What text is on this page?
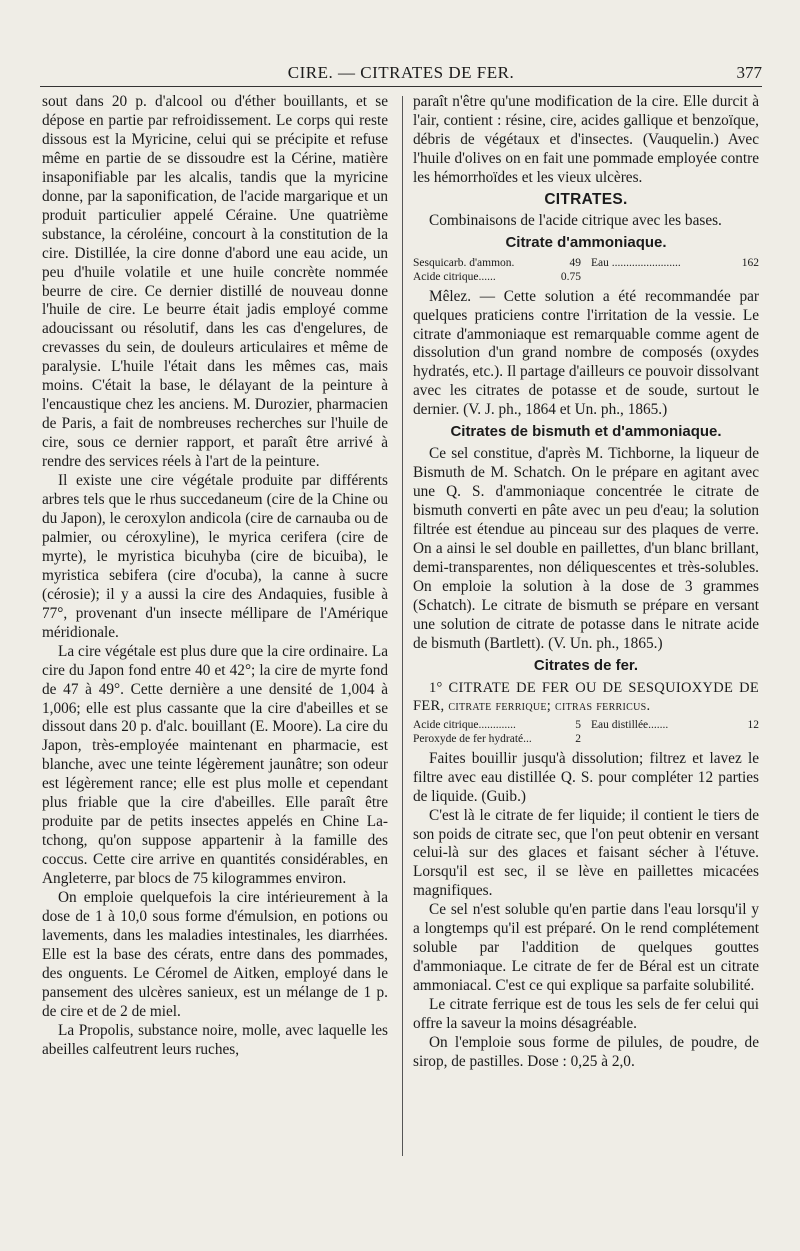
CIRE. — CITRATES DE FER.	377

sout dans 20 p. d'alcool ou d'éther bouillants, et se dépose en partie par refroidissement. Le corps qui reste dissous est la Myricine, celui qui se précipite et refuse même en partie de se dissoudre est la Cérine, matière insaponifiable par les alcalis, tandis que la myricine donne, par la saponification, de l'acide margarique et un produit particulier appelé Céraine. Une quatrième substance, la céroléine, concourt à la constitution de la cire. Distillée, la cire donne d'abord une eau acide, un peu d'huile volatile et une huile concrète nommée beurre de cire. Ce dernier distillé de nouveau donne l'huile de cire. Le beurre était jadis employé comme adoucissant ou résolutif, dans les cas d'engelures, de crevasses du sein, de douleurs articulaires et même de paralysie. L'huile l'était dans les mêmes cas, mais moins. C'était la base, le délayant de la peinture à l'encaustique chez les anciens. M. Durozier, pharmacien de Paris, a fait de nombreuses recherches sur l'huile de cire, sous ce dernier rapport, et paraît être arrivé à rendre des services réels à l'art de la peinture.

Il existe une cire végétale produite par différents arbres tels que le rhus succedaneum (cire de la Chine ou du Japon), le ceroxylon andicola (cire de carnauba ou de palmier, ou céroxyline), le myrica cerifera (cire de myrte), le myristica bicuhyba (cire de bicuiba), le myristica sebifera (cire d'ocuba), la canne à sucre (cérosie); il y a aussi la cire des Andaquies, fusible à 77°, provenant d'un insecte méllipare de l'Amérique méridionale.

La cire végétale est plus dure que la cire ordinaire. La cire du Japon fond entre 40 et 42°; la cire de myrte fond de 47 à 49°. Cette dernière a une densité de 1,004 à 1,006; elle est plus cassante que la cire d'abeilles et se dissout dans 20 p. d'alc. bouillant (E. Moore). La cire du Japon, très-employée maintenant en pharmacie, est blanche, avec une teinte légèrement jaunâtre; son odeur est légèrement rance; elle est plus molle et cependant plus friable que la cire d'abeilles. Elle paraît être produite par de petits insectes appelés en Chine La-tchong, qu'on suppose appartenir à la famille des coccus. Cette cire arrive en quantités considérables, en Angleterre, par blocs de 75 kilogrammes environ.

On emploie quelquefois la cire intérieurement à la dose de 1 à 10,0 sous forme d'émulsion, en potions ou lavements, dans les maladies intestinales, les diarrhées. Elle est la base des cérats, entre dans des pommades, des onguents. Le Céromel de Aitken, employé dans le pansement des ulcères sanieux, est un mélange de 1 p. de cire et de 2 de miel.

La Propolis, substance noire, molle, avec laquelle les abeilles calfeutrent leurs ruches,

paraît n'être qu'une modification de la cire. Elle durcit à l'air, contient : résine, cire, acides gallique et benzoïque, débris de végétaux et d'insectes. (Vauquelin.) Avec l'huile d'olives on en fait une pommade employée contre les hémorrhoïdes et les vieux ulcères.

CITRATES.

Combinaisons de l'acide citrique avec les bases.

Citrate d'ammoniaque.
Sesquicarb. d'ammon.	49 Eau ........................	162
Acide citrique......	0.75

Mêlez. — Cette solution a été recommandée par quelques praticiens contre l'irritation de la vessie. Le citrate d'ammoniaque est remarquable comme agent de dissolution d'un grand nombre de composés (oxydes hydratés, etc.). Il partage d'ailleurs ce pouvoir dissolvant avec les citrates de potasse et de soude, surtout le dernier. (V. J. ph., 1864 et Un. ph., 1865.)

Citrates de bismuth et d'ammoniaque.

Ce sel constitue, d'après M. Tichborne, la liqueur de Bismuth de M. Schatch. On le prépare en agitant avec une Q. S. d'ammoniaque concentrée le citrate de bismuth converti en pâte avec un peu d'eau; la solution filtrée est étendue au pinceau sur des plaques de verre. On a ainsi le sel double en paillettes, d'un blanc brillant, demi-transparentes, non déliquescentes et très-solubles. On emploie la solution à la dose de 3 grammes (Schatch). Le citrate de bismuth se prépare en versant une solution de citrate de potasse dans le nitrate acide de bismuth (Bartlett). (V. Un. ph., 1865.)

Citrates de fer.

1° CITRATE DE FER OU DE SESQUIOXYDE DE FER, citrate ferrique; citras ferricus.

Acide citrique.............	5 Eau distillée.......	12
Peroxyde de fer hydraté...	2

Faites bouillir jusqu'à dissolution; filtrez et lavez le filtre avec eau distillée Q. S. pour compléter 12 parties de liquide. (Guib.)

C'est là le citrate de fer liquide; il contient le tiers de son poids de citrate sec, que l'on peut obtenir en versant celui-là sur des glaces et faisant sécher à l'étuve. Lorsqu'il est sec, il se lève en paillettes micacées magnifiques.

Ce sel n'est soluble qu'en partie dans l'eau lorsqu'il y a longtemps qu'il est préparé. On le rend complétement soluble par l'addition de quelques gouttes d'ammoniaque. Le citrate de fer de Béral est un citrate ammoniacal. C'est ce qui explique sa parfaite solubilité.

Le citrate ferrique est de tous les sels de fer celui qui offre la saveur la moins désagréable.

On l'emploie sous forme de pilules, de poudre, de sirop, de pastilles. Dose : 0,25 à 2,0.
